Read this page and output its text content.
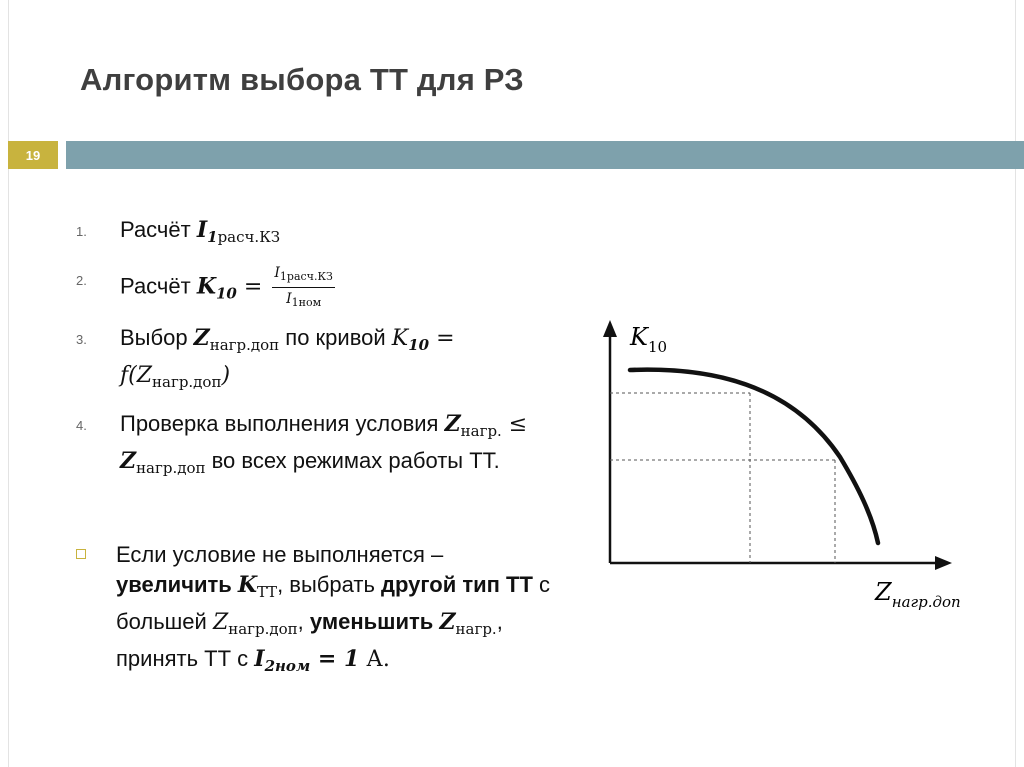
Алгоритм выбора ТТ для РЗ
19
1. Расчёт $I_{1расч.КЗ}$
2. Расчёт $K_{10} = \frac{I_{1расч.КЗ}}{I_{1ном}}$
3. Выбор $Z_{нагр.доп}$ по кривой $K_{10}$ =
$f(Z_{нагр.доп})$
4. Проверка выполнения условия $Z_{нагр.} \le Z_{нагр.доп}$ во всех режимах работы ТТ.
Если условие не выполняется – увеличить $K_{ТТ}$, выбрать другой тип ТТ с большей $Z_{нагр.доп}$, уменьшить $Z_{нагр.}$, принять ТТ с $I_{2ном} = 1$ А.
$K_{10}$
$Z_{нагр.доп}$
